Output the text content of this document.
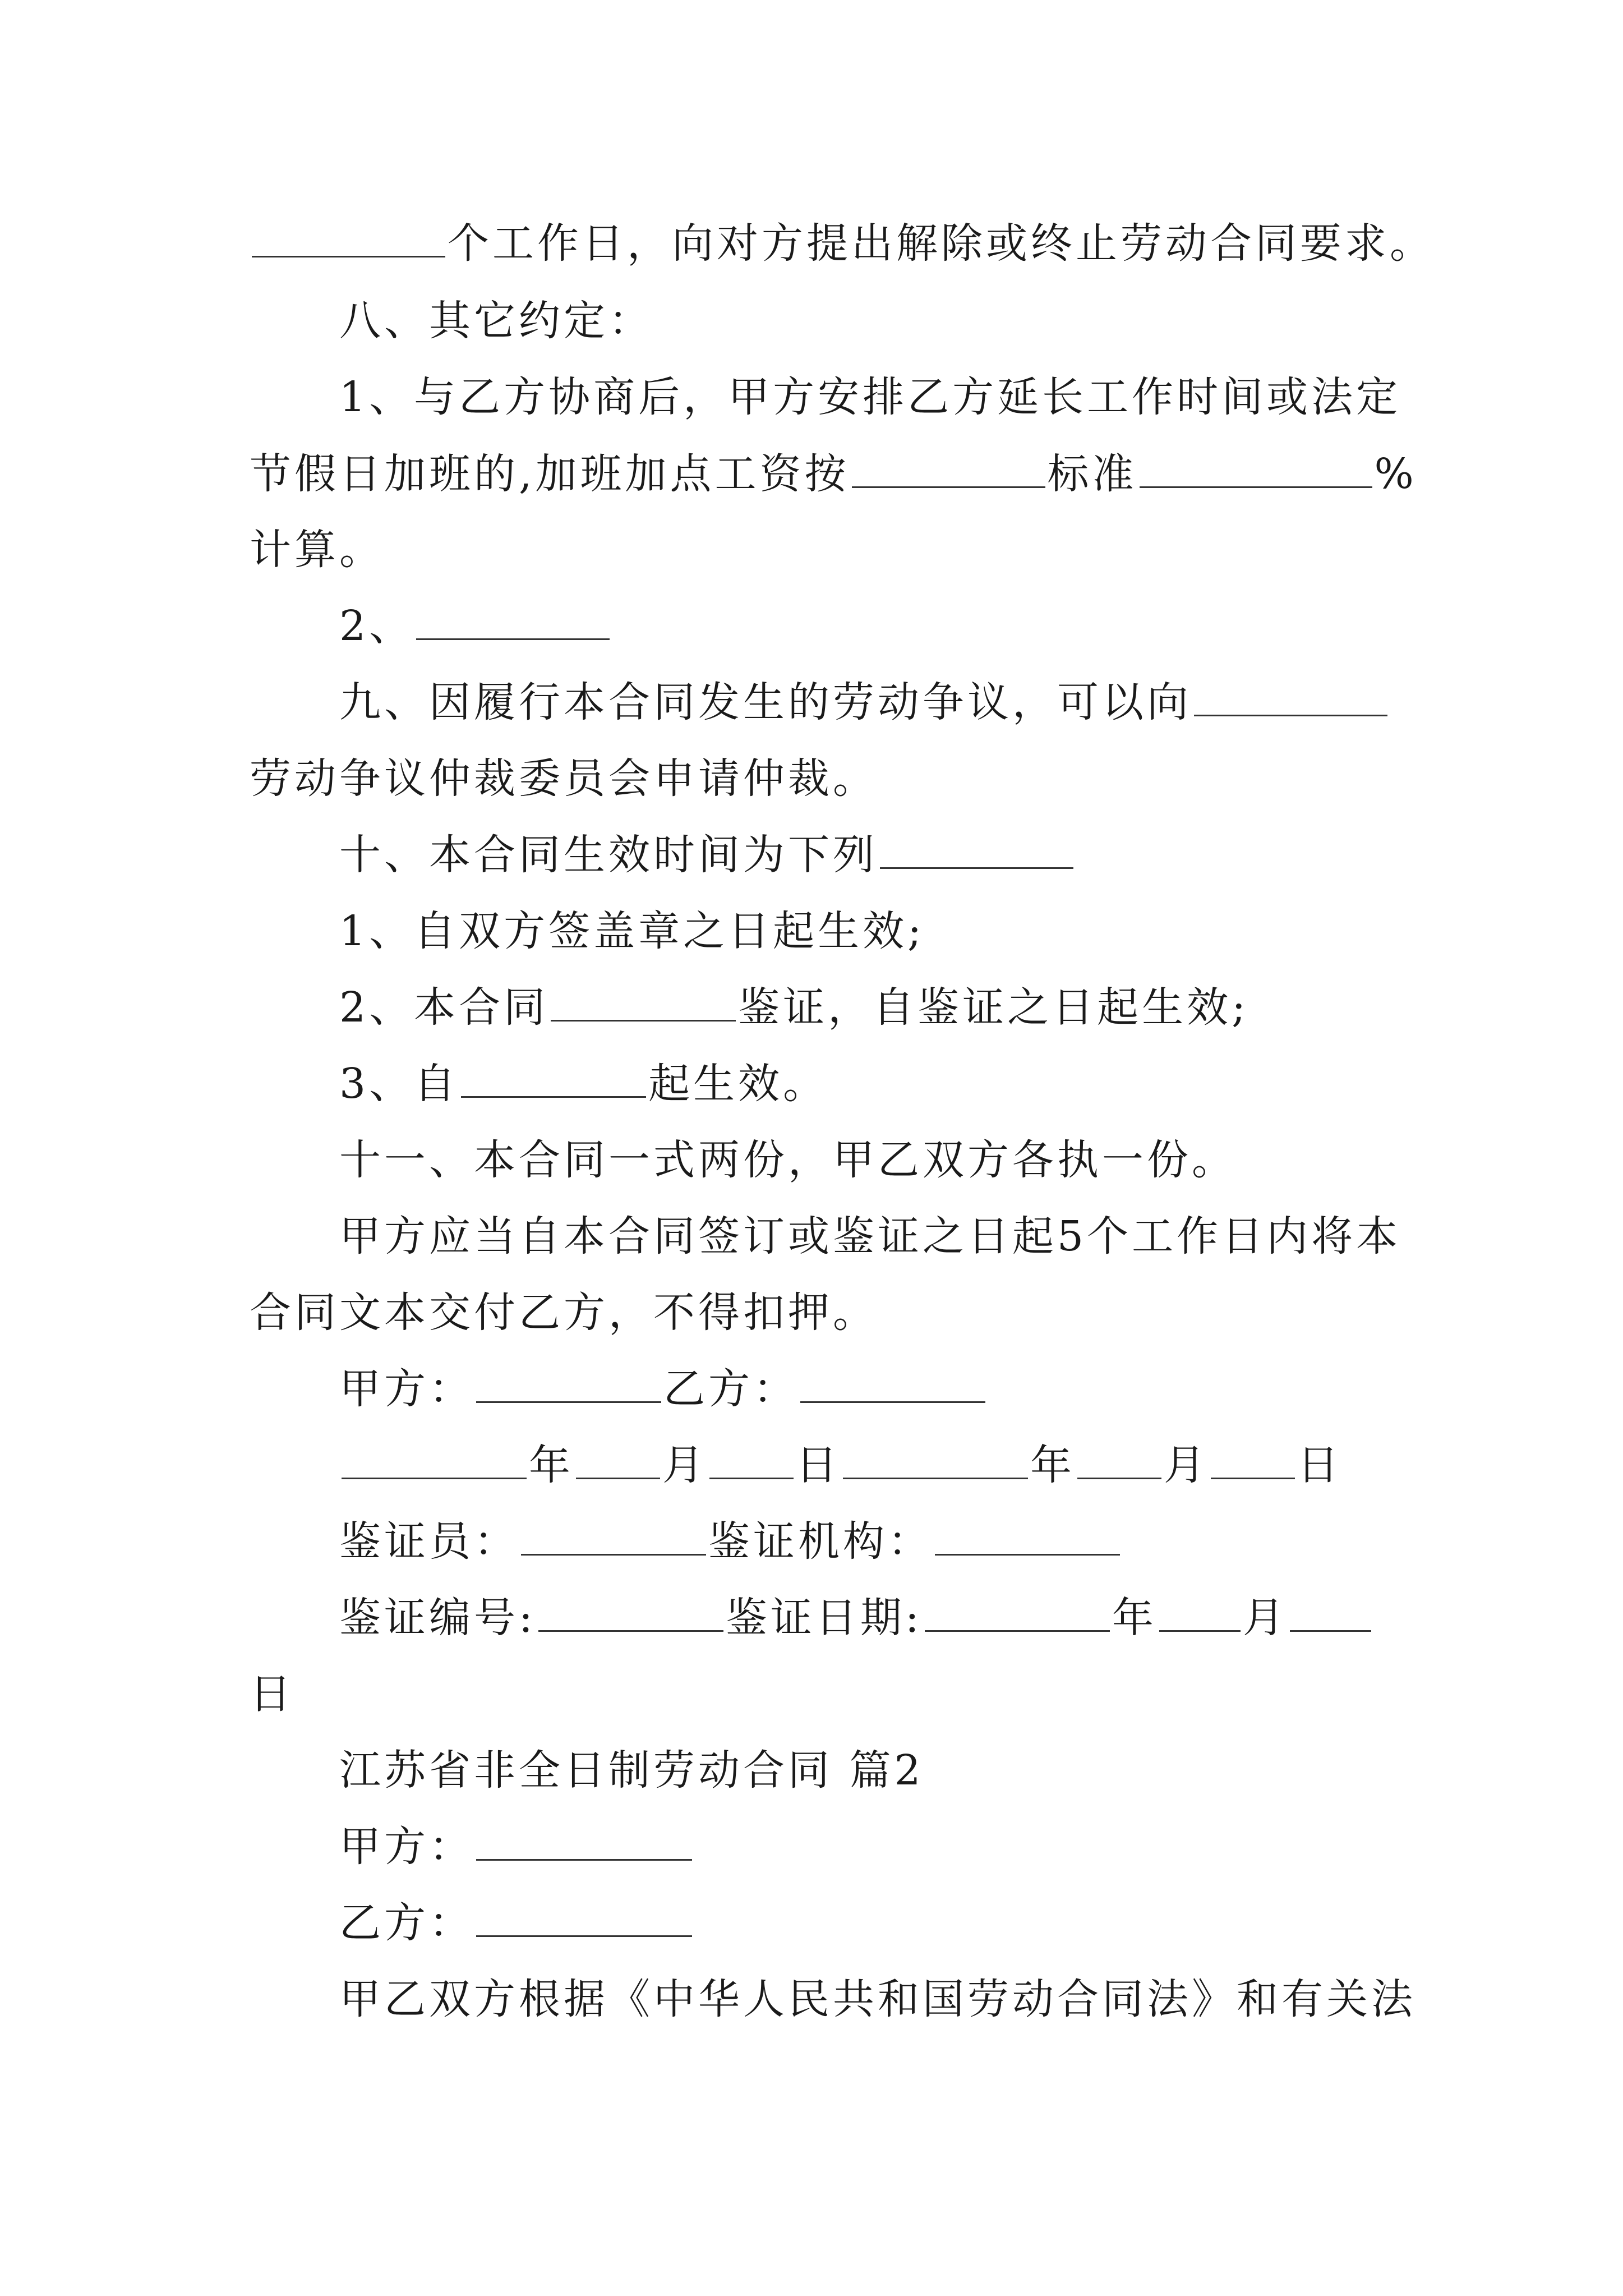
个工作日，向对方提出解除或终止劳动合同要求。
八、其它约定：
1、与乙方协商后，甲方安排乙方延长工作时间或法定
节假日加班的,加班加点工资按	标准	%
计算。
2、
九、因履行本合同发生的劳动争议，可以向
劳动争议仲裁委员会申请仲裁。
十、本合同生效时间为下列
1、自双方签盖章之日起生效;
2、本合同	鉴证，自鉴证之日起生效;
3、自	起生效。
十一、本合同一式两份，甲乙双方各执一份。
甲方应当自本合同签订或鉴证之日起5个工作日内将本
合同文本交付乙方，不得扣押。
甲方：	乙方：
年 月 日	年 月 日
鉴证员：	鉴证机构：
鉴证编号:	鉴证日期:	年 月
日
江苏省非全日制劳动合同 篇2
甲方：
乙方：
甲乙双方根据《中华人民共和国劳动合同法》和有关法
